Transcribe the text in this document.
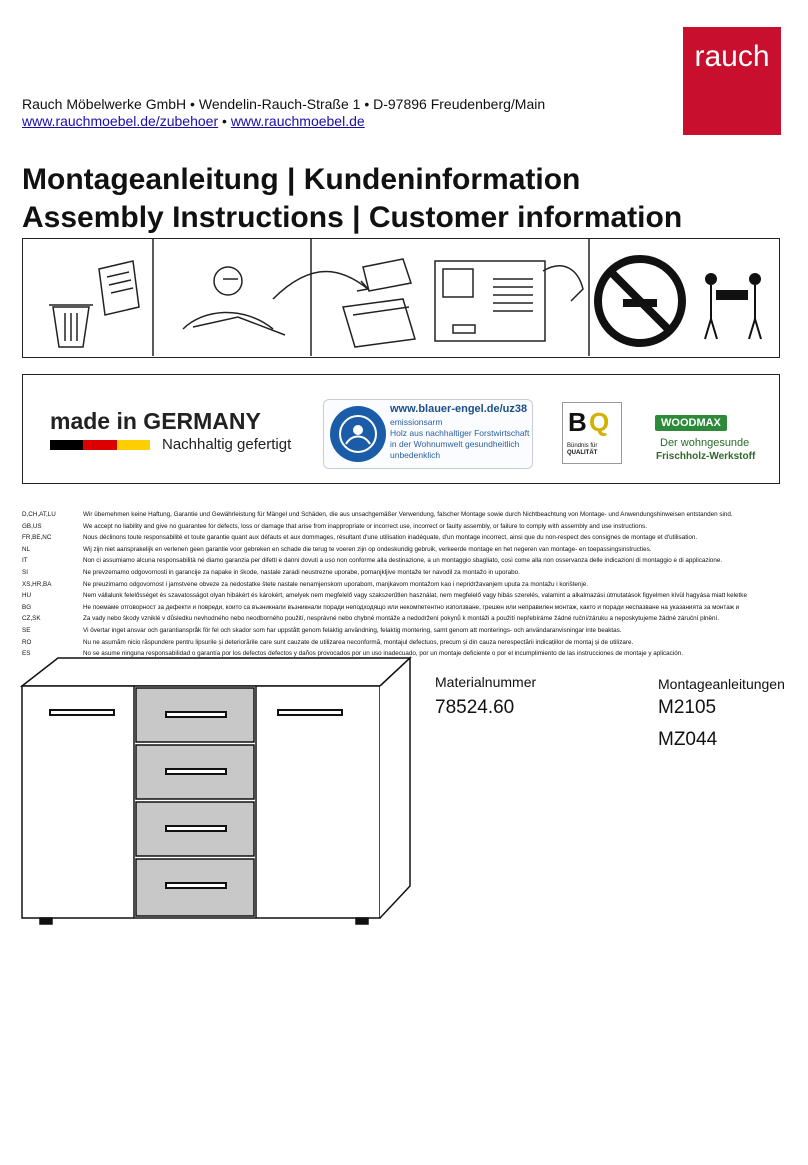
rauch
Rauch Möbelwerke GmbH • Wendelin-Rauch-Straße 1 • D-97896 Freudenberg/Main
www.rauchmoebel.de/zubehoer • www.rauchmoebel.de
Montageanleitung | Kundeninformation
Assembly Instructions | Customer information
made in GERMANY
Nachhaltig gefertigt
www.blauer-engel.de/uz38
emissionsarm
Holz aus nachhaltiger Forstwirtschaft
in der Wohnumwelt gesundheitlich
unbedenklich
B Q
Bündnis für
QUALITÄT
WOODMAX
Der wohngesunde
Frischholz-Werkstoff
D,CH,AT,LU	Wir übernehmen keine Haftung, Garantie und Gewährleistung für Mängel und Schäden, die aus unsachgemäßer Verwendung, falscher Montage sowie durch Nichtbeachtung von Montage- und Anwendungshinweisen entstanden sind.
GB,US	We accept no liability and give no guarantee for defects, loss or damage that arise from inappropriate or incorrect use, incorrect or faulty assembly, or failure to comply with assembly and use instructions.
FR,BE,NC	Nous déclinons toute responsabilité et toute garantie quant aux défauts et aux dommages, résultant d'une utilisation inadéquate, d'un montage incorrect, ainsi que du non-respect des consignes de montage et d'utilisation.
NL	Wij zijn niet aansprakelijk en verlenen geen garantie voor gebreken en schade die terug te voeren zijn op ondeskundig gebruik, verkeerde montage en het negeren van montage- en toepassingsinstructies.
IT	Non ci assumiamo alcuna responsabilità né diamo garanzia per difetti e danni dovuti a uso non conforme alla destinazione, a un montaggio sbagliato, così come alla non osservanza delle indicazioni di montaggio e di applicazione.
SI	Ne prevzemamo odgovornosti in garancije za napake in škode, nastale zaradi neustrezne uporabe, pomanjkljive montaže ter navodil za montažo in uporabo.
XS,HR,BA	Ne preuzimamo odgovornost i jamstvene obveze za nedostatke štete nastale nenamjenskom uporabom, manjkavom montažom kao i nepridržavanjem uputa za montažu i korištenje.
HU	Nem vállalunk felelősséget és szavatosságot olyan hibákért és károkért, amelyek nem megfelelő vagy szakszerűtlen használat, nem megfelelő vagy hibás szerelés, valamint a alkalmazási útmutatások figyelmen kívül hagyása miatt keletke
BG	Не поемаме отговорност за дефекти и повреди, които са възникнали възникнали поради неподходящо или некомпетентно използване, грешен или неправилен монтаж, както и поради неспазване на указанията за монтаж и
CZ,SK	Za vady nebo škody vzniklé v důsledku nevhodného nebo neodborného použití, nesprávné nebo chybné montáže a nedodržení pokynů k montáži a použití nepřebíráme žádné ruční/záruku a neposkytujeme žádné záruční plnění.
SE	Vi övertar inget ansvar och garantianspråk för fel och skador som har uppstått genom felaktig användning, felaktig montering, samt genom att monterings- och användaranvisningar inte beaktas.
RO	Nu ne asumăm nicio răspundere pentru lipsurile și deteriorările care sunt cauzate de utilizarea neconformă, montajul defectuos, precum și din cauza nerespectării indicațiilor de montaj și de utilizare.
ES	No se asume ninguna responsabilidad o garantía por los defectos defectos y daños provocados por un uso inadecuado, por un montaje deficiente o por el incumplimiento de las instrucciones de montaje y aplicación.
Materialnummer
78524.60
Montageanleitungen
M2105
MZ044
